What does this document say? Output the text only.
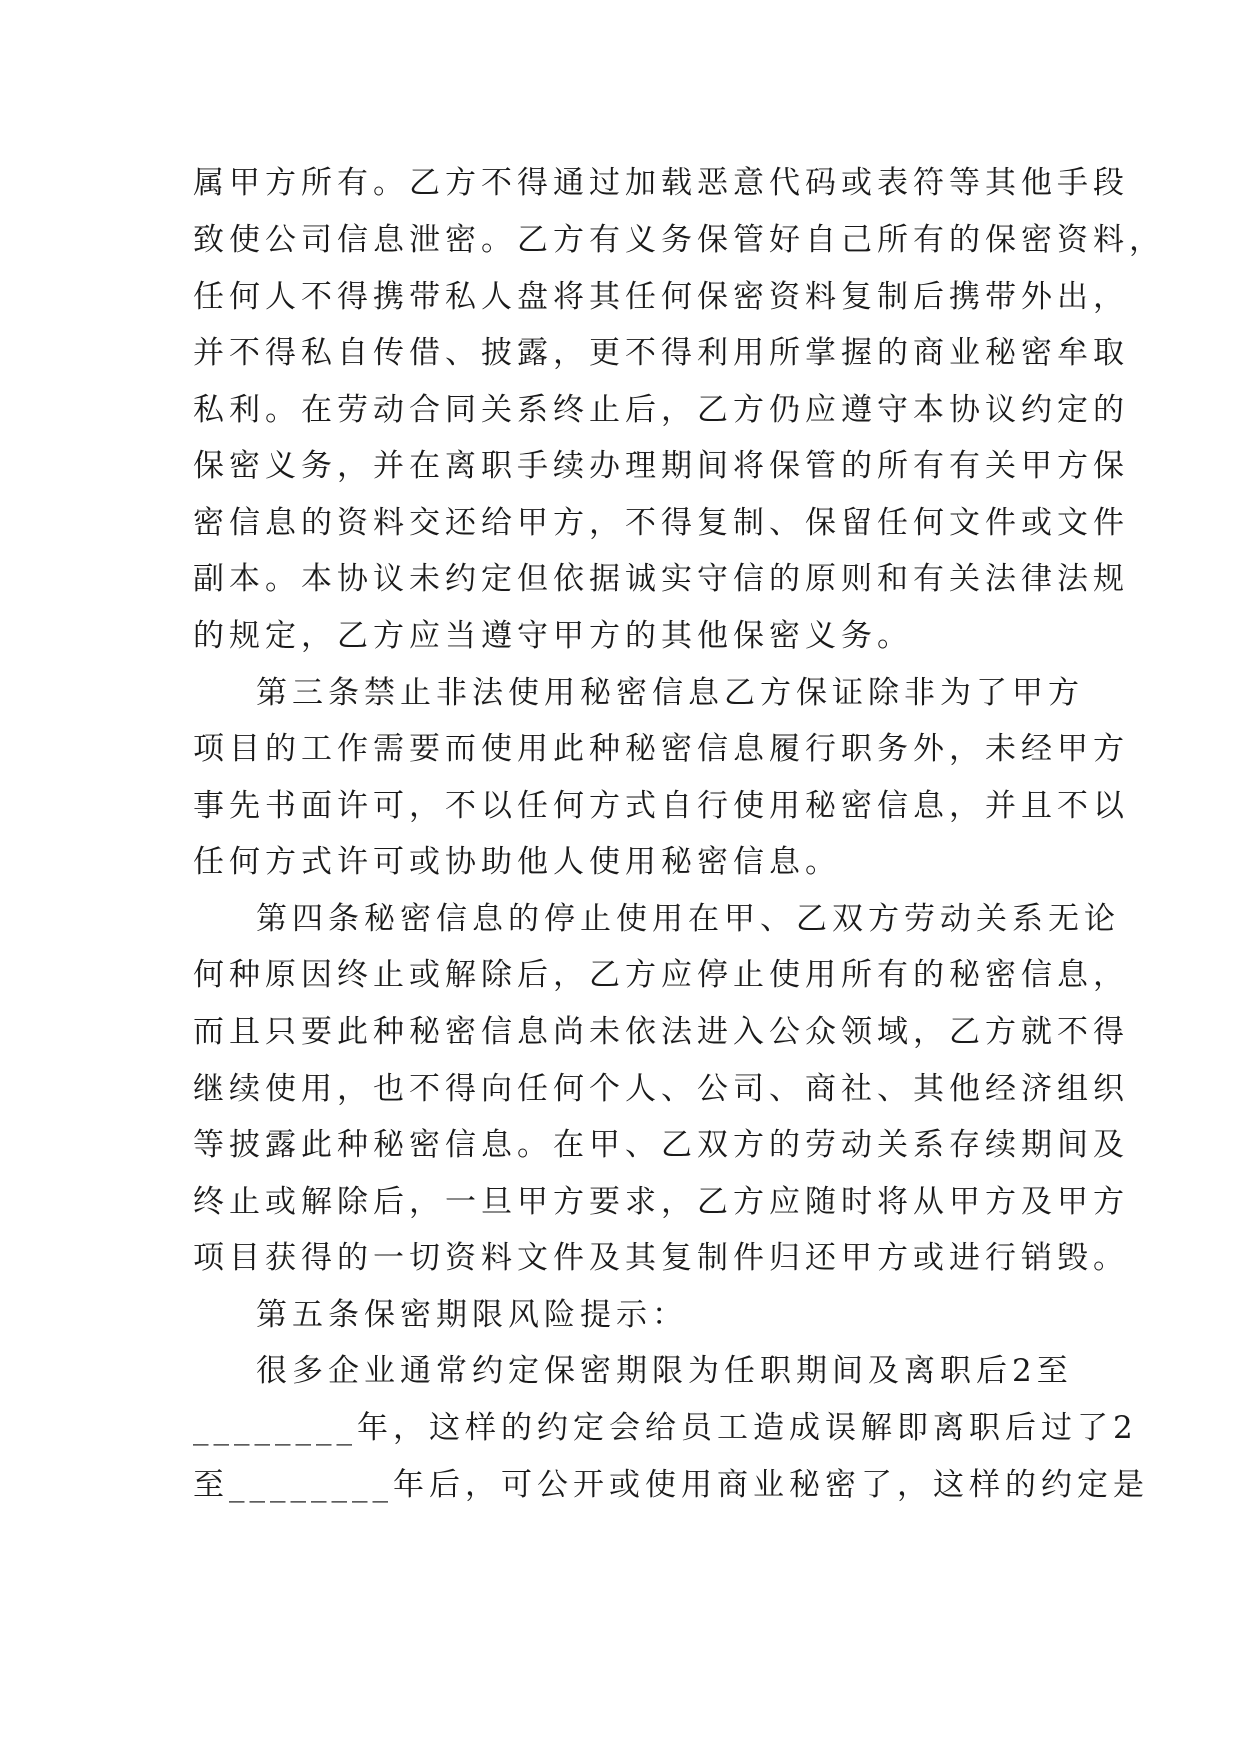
属甲方所有。乙方不得通过加载恶意代码或表符等其他手段
致使公司信息泄密。乙方有义务保管好自己所有的保密资料，
任何人不得携带私人盘将其任何保密资料复制后携带外出，
并不得私自传借、披露，更不得利用所掌握的商业秘密牟取
私利。在劳动合同关系终止后，乙方仍应遵守本协议约定的
保密义务，并在离职手续办理期间将保管的所有有关甲方保
密信息的资料交还给甲方，不得复制、保留任何文件或文件
副本。本协议未约定但依据诚实守信的原则和有关法律法规
的规定，乙方应当遵守甲方的其他保密义务。
第三条禁止非法使用秘密信息乙方保证除非为了甲方
项目的工作需要而使用此种秘密信息履行职务外，未经甲方
事先书面许可，不以任何方式自行使用秘密信息，并且不以
任何方式许可或协助他人使用秘密信息。
第四条秘密信息的停止使用在甲、乙双方劳动关系无论
何种原因终止或解除后，乙方应停止使用所有的秘密信息，
而且只要此种秘密信息尚未依法进入公众领域，乙方就不得
继续使用，也不得向任何个人、公司、商社、其他经济组织
等披露此种秘密信息。在甲、乙双方的劳动关系存续期间及
终止或解除后，一旦甲方要求，乙方应随时将从甲方及甲方
项目获得的一切资料文件及其复制件归还甲方或进行销毁。
第五条保密期限风险提示：
很多企业通常约定保密期限为任职期间及离职后2至
________年，这样的约定会给员工造成误解即离职后过了2
至________年后，可公开或使用商业秘密了，这样的约定是
